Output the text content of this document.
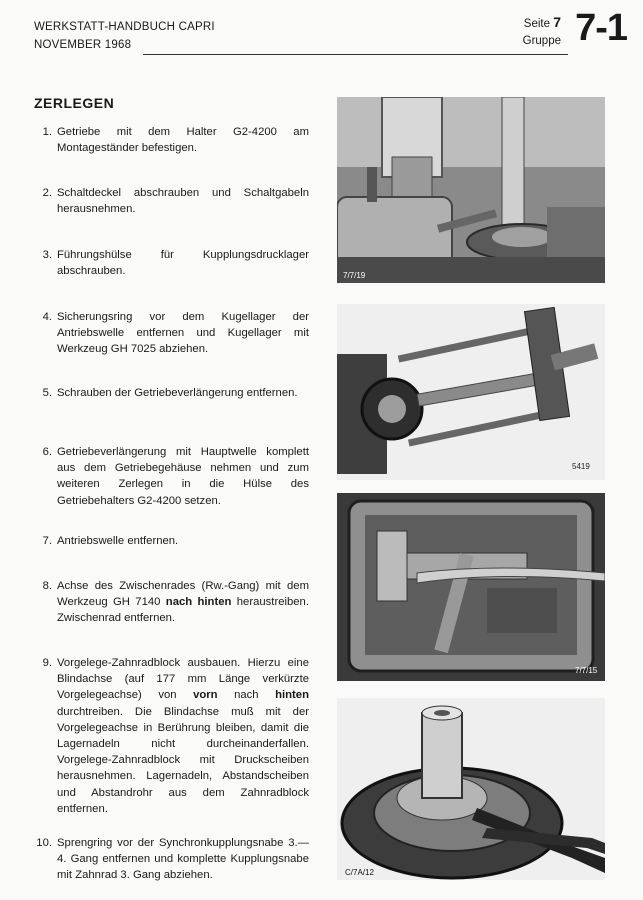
WERKSTATT-HANDBUCH CAPRI
NOVEMBER 1968
Seite 7
Gruppe 7-1
ZERLEGEN
1. Getriebe mit dem Halter G2-4200 am Montageständer befestigen.
2. Schaltdeckel abschrauben und Schaltgabeln herausnehmen.
3. Führungshülse für Kupplungsdrucklager abschrauben.
4. Sicherungsring vor dem Kugellager der Antriebswelle entfernen und Kugellager mit Werkzeug GH 7025 abziehen.
5. Schrauben der Getriebeverlängerung entfernen.
6. Getriebeverlängerung mit Hauptwelle komplett aus dem Getriebegehäuse nehmen und zum weiteren Zerlegen in die Hülse des Getriebehalters G2-4200 setzen.
7. Antriebswelle entfernen.
8. Achse des Zwischenrades (Rw.-Gang) mit dem Werkzeug GH 7140 nach hinten heraustreiben. Zwischenrad entfernen.
9. Vorgelege-Zahnradblock ausbauen. Hierzu eine Blindachse (auf 177 mm Länge verkürzte Vorgelegeachse) von vorn nach hinten durchtreiben. Die Blindachse muß mit der Vorgelegeachse in Berührung bleiben, damit die Lagernadeln nicht durcheinanderfallen. Vorgelege-Zahnradblock mit Druckscheiben herausnehmen. Lagernadeln, Abstandscheiben und Abstandrohr aus dem Zahnradblock entfernen.
10. Sprengring vor der Synchronkupplungsnabe 3.—4. Gang entfernen und komplette Kupplungsnabe mit Zahnrad 3. Gang abziehen.
7/7/19
5419
7/7/15
C/7A/12
